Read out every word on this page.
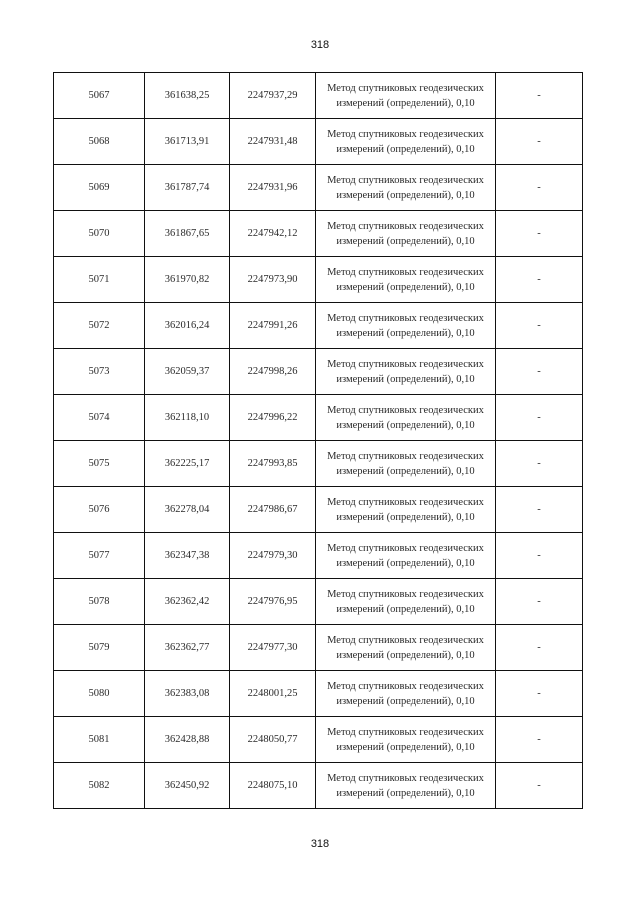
318
5067	361638,25	2247937,29	Метод спутниковых геодезических измерений (определений), 0,10	-
5068	361713,91	2247931,48	Метод спутниковых геодезических измерений (определений), 0,10	-
5069	361787,74	2247931,96	Метод спутниковых геодезических измерений (определений), 0,10	-
5070	361867,65	2247942,12	Метод спутниковых геодезических измерений (определений), 0,10	-
5071	361970,82	2247973,90	Метод спутниковых геодезических измерений (определений), 0,10	-
5072	362016,24	2247991,26	Метод спутниковых геодезических измерений (определений), 0,10	-
5073	362059,37	2247998,26	Метод спутниковых геодезических измерений (определений), 0,10	-
5074	362118,10	2247996,22	Метод спутниковых геодезических измерений (определений), 0,10	-
5075	362225,17	2247993,85	Метод спутниковых геодезических измерений (определений), 0,10	-
5076	362278,04	2247986,67	Метод спутниковых геодезических измерений (определений), 0,10	-
5077	362347,38	2247979,30	Метод спутниковых геодезических измерений (определений), 0,10	-
5078	362362,42	2247976,95	Метод спутниковых геодезических измерений (определений), 0,10	-
5079	362362,77	2247977,30	Метод спутниковых геодезических измерений (определений), 0,10	-
5080	362383,08	2248001,25	Метод спутниковых геодезических измерений (определений), 0,10	-
5081	362428,88	2248050,77	Метод спутниковых геодезических измерений (определений), 0,10	-
5082	362450,92	2248075,10	Метод спутниковых геодезических измерений (определений), 0,10	-
318
